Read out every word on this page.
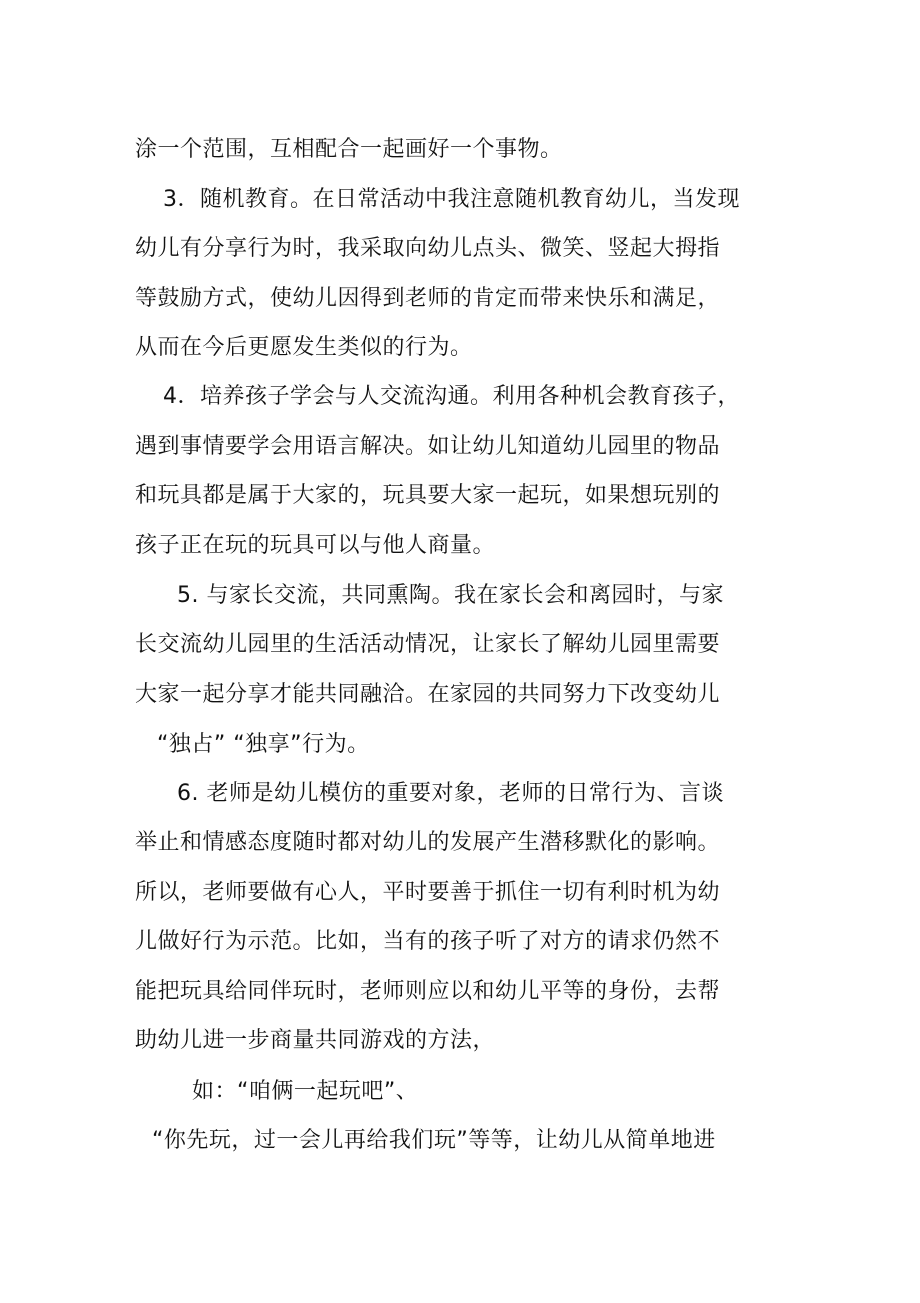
涂一个范围，互相配合一起画好一个事物。

3．随机教育。在日常活动中我注意随机教育幼儿，当发现

幼儿有分享行为时，我采取向幼儿点头、微笑、竖起大拇指

等鼓励方式，使幼儿因得到老师的肯定而带来快乐和满足，

从而在今后更愿发生类似的行为。

4．培养孩子学会与人交流沟通。利用各种机会教育孩子，

遇到事情要学会用语言解决。如让幼儿知道幼儿园里的物品

和玩具都是属于大家的，玩具要大家一起玩，如果想玩别的

孩子正在玩的玩具可以与他人商量。

5. 与家长交流，共同熏陶。我在家长会和离园时，与家

长交流幼儿园里的生活活动情况，让家长了解幼儿园里需要

大家一起分享才能共同融洽。在家园的共同努力下改变幼儿

“独占” “独享”行为。

6. 老师是幼儿模仿的重要对象，老师的日常行为、言谈

举止和情感态度随时都对幼儿的发展产生潜移默化的影响。

所以，老师要做有心人，平时要善于抓住一切有利时机为幼

儿做好行为示范。比如，当有的孩子听了对方的请求仍然不

能把玩具给同伴玩时，老师则应以和幼儿平等的身份，去帮

助幼儿进一步商量共同游戏的方法，

如：“咱俩一起玩吧”、

“你先玩，过一会儿再给我们玩”等等，让幼儿从简单地进
